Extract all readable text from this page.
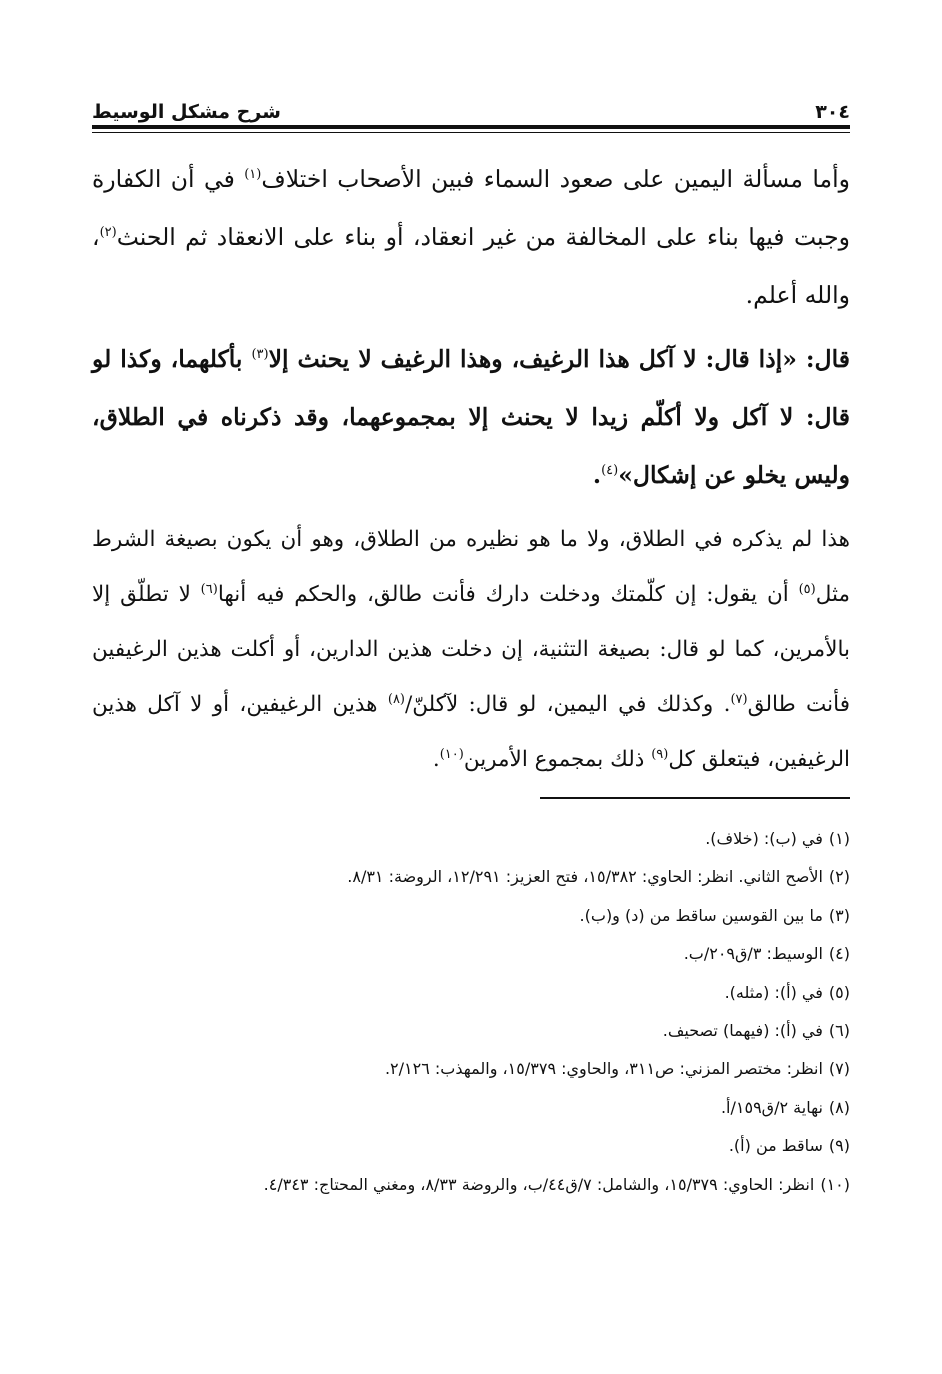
٣٠٤
شرح مشكل الوسيط

وأما مسألة اليمين على صعود السماء فبين الأصحاب اختلاف$^{(١)}$ في أن الكفارة وجبت فيها بناء على المخالفة من غير انعقاد، أو بناء على الانعقاد ثم الحنث$^{(٢)}$، والله أعلم.

قال: «إذا قال: لا آكل هذا الرغيف، وهذا الرغيف لا يحنث إلا$^{(٣)}$ بأكلهما، وكذا لو قال: لا آكل ولا أكلّم زيدا لا يحنث إلا بمجموعهما، وقد ذكرناه في الطلاق، وليس يخلو عن إشكال»$^{(٤)}$.

هذا لم يذكره في الطلاق، ولا ما هو نظيره من الطلاق، وهو أن يكون بصيغة الشرط مثل$^{(٥)}$ أن يقول: إن كلّمتك ودخلت دارك فأنت طالق، والحكم فيه أنها$^{(٦)}$ لا تطلّق إلا بالأمرين، كما لو قال: بصيغة التثنية، إن دخلت هذين الدارين، أو أكلت هذين الرغيفين فأنت طالق$^{(٧)}$. وكذلك في اليمين، لو قال: لآكلنّ/$^{(٨)}$ هذين الرغيفين، أو لا آكل هذين الرغيفين، فيتعلق كل$^{(٩)}$ ذلك بمجموع الأمرين$^{(١٠)}$.

(١)
في (ب): (خلاف).
(٢)
الأصح الثاني. انظر: الحاوي: ١٥/٣٨٢، فتح العزيز: ١٢/٢٩١، الروضة: ٨/٣١.
(٣)
ما بين القوسين ساقط من (د) و(ب).
(٤)
الوسيط: ٣/ق٢٠٩/ب.
(٥)
في (أ): (مثله).
(٦)
في (أ): (فيهما) تصحيف.
(٧)
انظر: مختصر المزني: ص٣١١، والحاوي: ١٥/٣٧٩، والمهذب: ٢/١٢٦.
(٨)
نهاية ٢/ق١٥٩/أ.
(٩)
ساقط من (أ).
(١٠)
انظر: الحاوي: ١٥/٣٧٩، والشامل: ٧/ق٤٤/ب، والروضة ٨/٣٣، ومغني المحتاج: ٤/٣٤٣.
